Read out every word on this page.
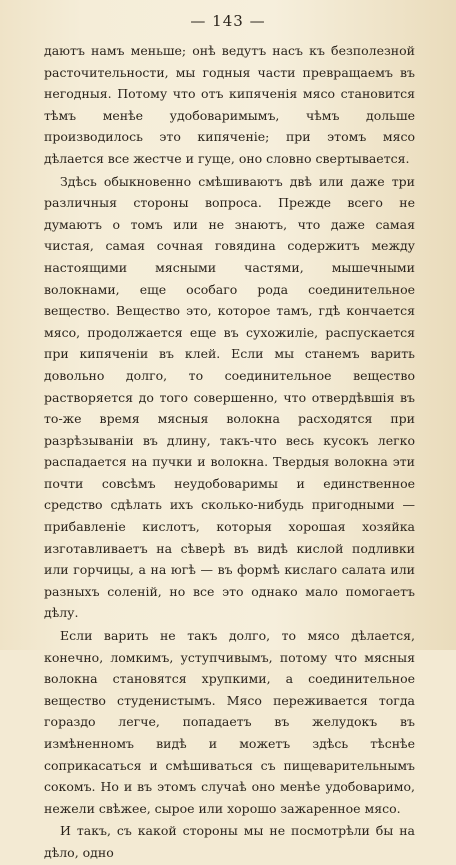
— 143 —

даютъ намъ меньше; онѣ ведутъ насъ къ безполезной расточительности, мы годныя части превращаемъ въ негодныя. Потому что отъ кипяченія мясо становится тѣмъ менѣе удобоваримымъ, чѣмъ дольше производилось это кипяченіе; при этомъ мясо дѣлается все жестче и гуще, оно словно свертывается.

Здѣсь обыкновенно смѣшиваютъ двѣ или даже три различныя стороны вопроса. Прежде всего не думаютъ о томъ или не знаютъ, что даже самая чистая, самая сочная говядина содержитъ между настоящими мясными частями, мышечными волокнами, еще особаго рода соединительное вещество. Вещество это, которое тамъ, гдѣ кончается мясо, продолжается еще въ сухожиліе, распускается при кипяченіи въ клей. Если мы станемъ варить довольно долго, то соединительное вещество растворяется до того совершенно, что отвердѣвшія въ то-же время мясныя волокна расходятся при разрѣзываніи въ длину, такъ-что весь кусокъ легко распадается на пучки и волокна. Твердыя волокна эти почти совсѣмъ неудобоваримы и единственное средство сдѣлать ихъ сколько-нибудь пригодными — прибавленіе кислотъ, которыя хорошая хозяйка изготавливаетъ на сѣверѣ въ видѣ кислой подливки или горчицы, а на югѣ — въ формѣ кислаго салата или разныхъ соленій, но все это однако мало помогаетъ дѣлу.

Если варить не такъ долго, то мясо дѣлается, конечно, ломкимъ, уступчивымъ, потому что мясныя волокна становятся хрупкими, а соединительное вещество студенистымъ. Мясо переживается тогда гораздо легче, попадаетъ въ желудокъ въ измѣненномъ видѣ и можетъ здѣсь тѣснѣе соприкасаться и смѣшиваться съ пищеварительнымъ сокомъ. Но и въ этомъ случаѣ оно менѣе удобоваримо, нежели свѣжее, сырое или хорошо зажаренное мясо.

И такъ, съ какой стороны мы не посмотрѣли бы на дѣло, одно
